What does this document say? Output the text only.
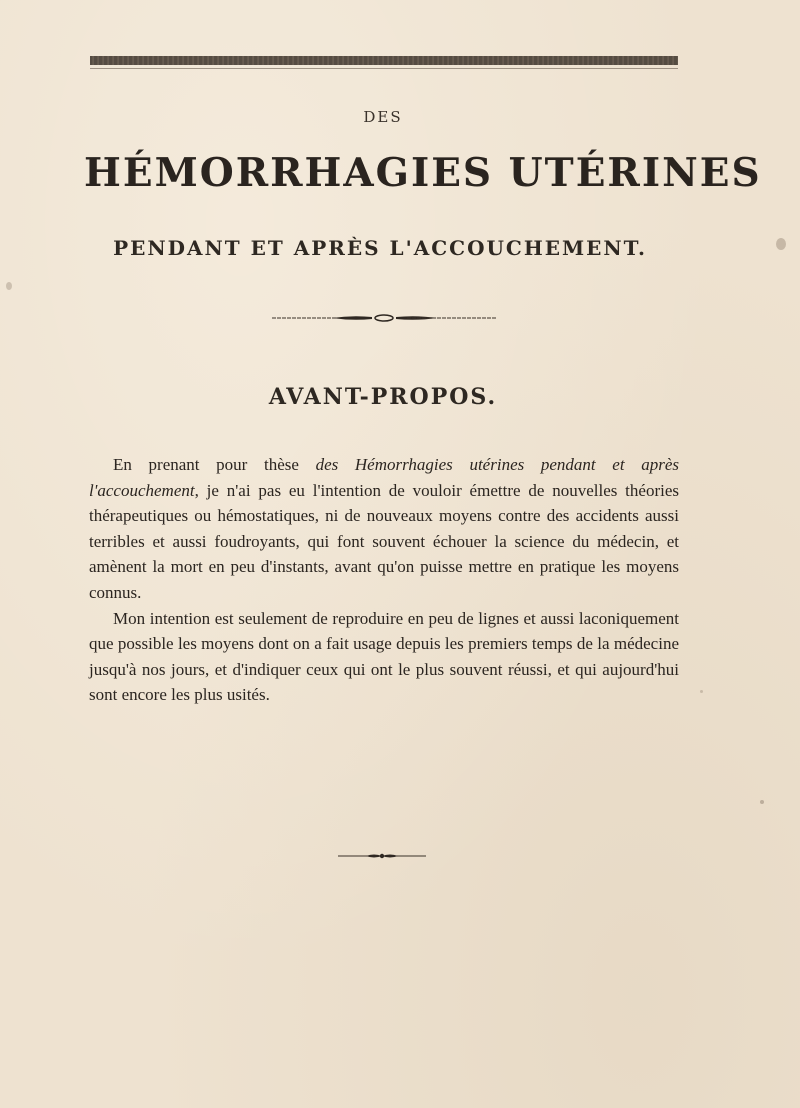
DES
HÉMORRHAGIES UTÉRINES
PENDANT ET APRÈS L'ACCOUCHEMENT.
AVANT-PROPOS.

En prenant pour thèse des Hémorrhagies utérines pendant et après l'accouchement, je n'ai pas eu l'intention de vouloir émettre de nouvelles théories thérapeutiques ou hémostatiques, ni de nouveaux moyens contre des accidents aussi terribles et aussi foudroyants, qui font souvent échouer la science du médecin, et amènent la mort en peu d'instants, avant qu'on puisse mettre en pratique les moyens connus.

Mon intention est seulement de reproduire en peu de lignes et aussi laconiquement que possible les moyens dont on a fait usage depuis les premiers temps de la médecine jusqu'à nos jours, et d'indiquer ceux qui ont le plus souvent réussi, et qui aujourd'hui sont encore les plus usités.
